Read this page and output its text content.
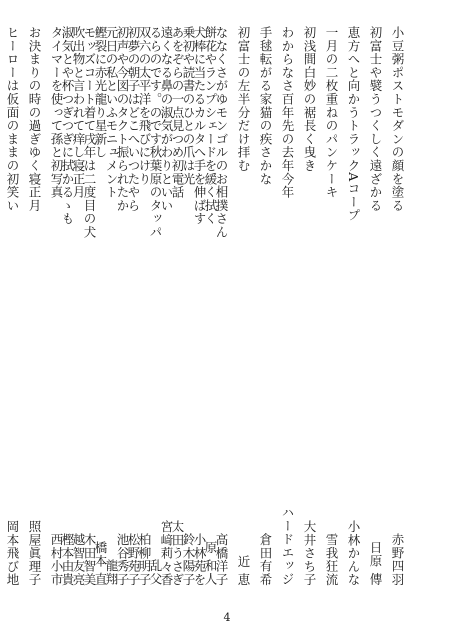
小豆粥ポストモダンの顔を塗る
赤野四羽
初富士や襞うつくしく遠ざかる
日原 傳
恵方へと向かうトラックAコープ
小林かんな
一月の二枚重ねのパンケーキ
雪我狂流
初浅間白妙の裾長く曳き
大井さち子
わからなさ百年先の去年今年
ハードエッジ
手毬転がる家猫の疾さかな
倉田有希
初富士の左半分だけ拝む
近 恵
ななくさがゆモンゴルのお相撲さん
高橋洋子
犬棒に当たるカルタへ手を伸ばす
小林苑を
あをぞらの一点見つめ初電話
太田うさぎ
るらのです。のです秋葉原のタッパ
乱父
初夢の朝子はどこへいつたやら
松野苑子
元日の私といふモニュメント
龍翔
モッズコート着て戌年は二度目の犬
木田智美
淑気とや杯つぎつぎに拭かるゝも
樫本由貴
餅花やランプシェードを緩く拭く
原 和人
乗初や読書のひとの爪は光
鈴木陽子
遠くなる鼻の淑気がわりといい
宮﨑莉々香
双六の太平洋を飛びにけり
柏柳明子
初声や今図のタクト振られたか
池谷秀子
鰹裂に赤光龍り星新し
橋本 直
吹出物と言われて痒し寝正月
越智友亮
タイマーを使って孫と初写真
西村小市
お決まりの時の過ぎゆく寝正月
照屋眞理子
ヒーローは仮面のままの初笑い
岡本飛び地
4
